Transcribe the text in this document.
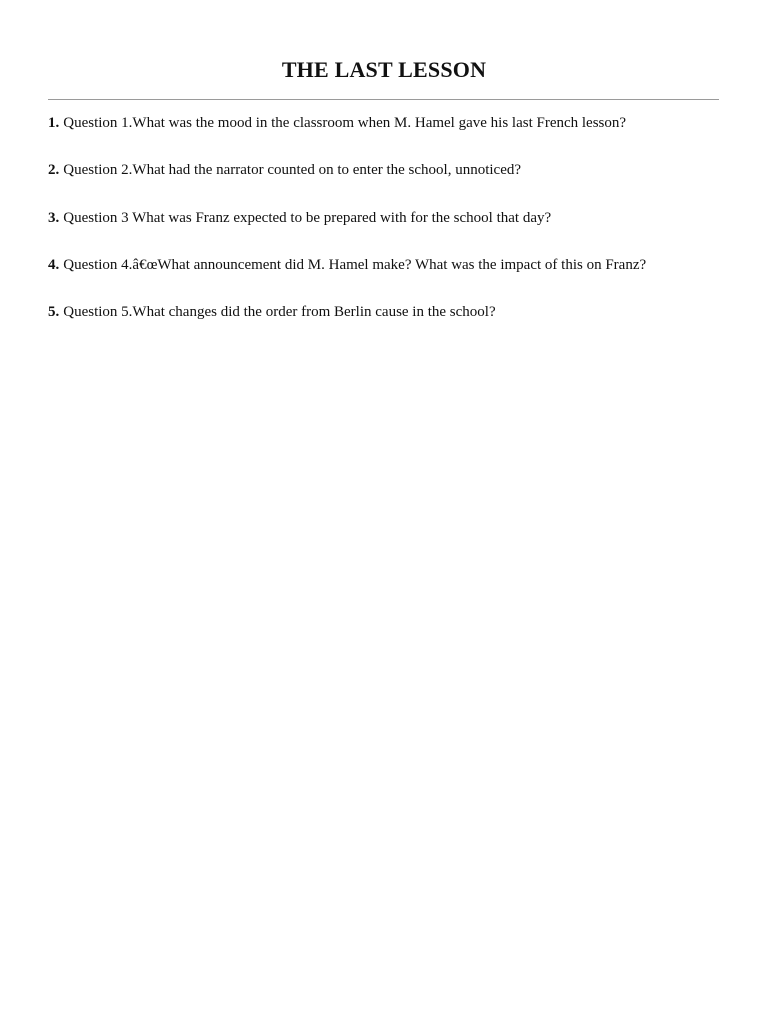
THE LAST LESSON
1. Question 1.What was the mood in the classroom when M. Hamel gave his last French lesson?
2. Question 2.What had the narrator counted on to enter the school, unnoticed?
3. Question 3 What was Franz expected to be prepared with for the school that day?
4. Question 4.â€œWhat announcement did M. Hamel make? What was the impact of this on Franz?
5. Question 5.What changes did the order from Berlin cause in the school?
